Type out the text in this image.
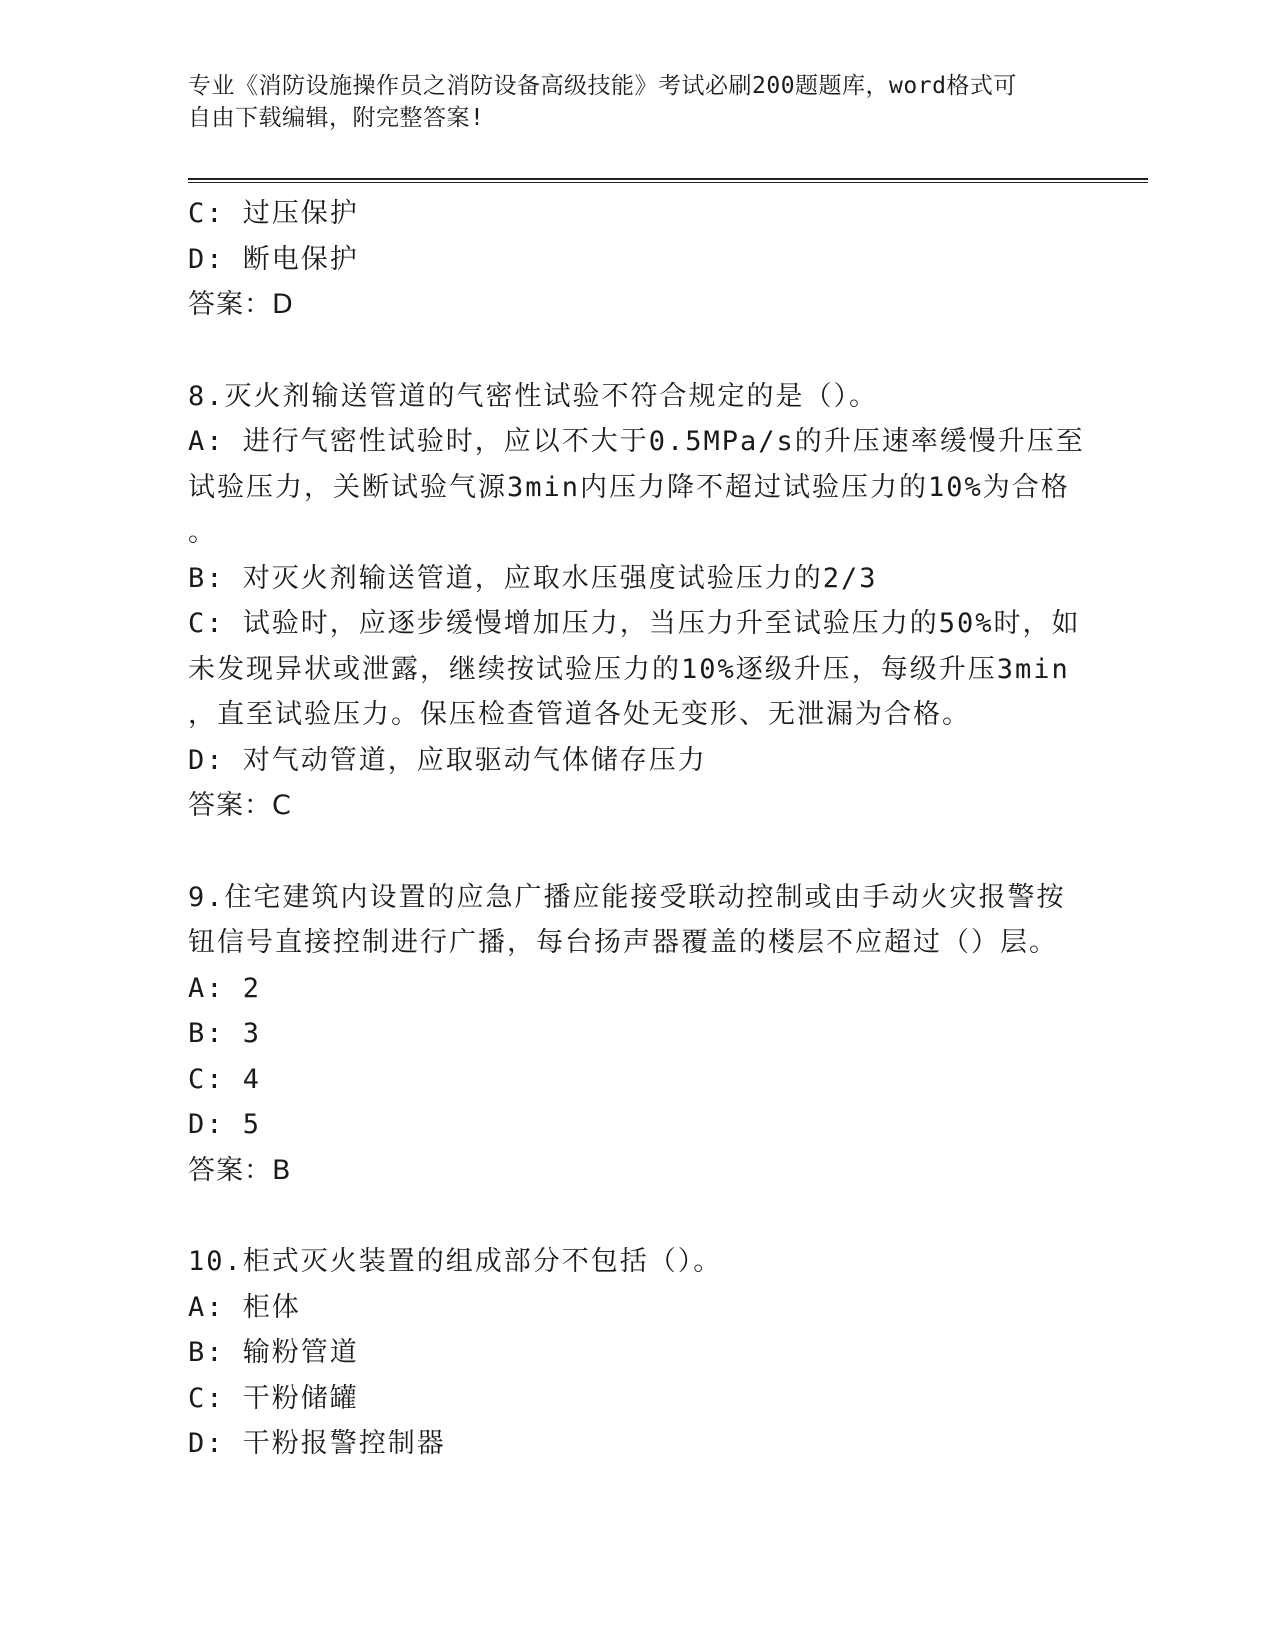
专业《消防设施操作员之消防设备高级技能》考试必刷200题题库，word格式可
自由下载编辑，附完整答案!
C: 过压保护
D: 断电保护
答案：D
8.灭火剂输送管道的气密性试验不符合规定的是（）。
A: 进行气密性试验时，应以不大于0.5MPa/s的升压速率缓慢升压至
试验压力，关断试验气源3min内压力降不超过试验压力的10%为合格
。
B: 对灭火剂输送管道，应取水压强度试验压力的2/3
C: 试验时，应逐步缓慢增加压力，当压力升至试验压力的50%时，如
未发现异状或泄露，继续按试验压力的10%逐级升压，每级升压3min
，直至试验压力。保压检查管道各处无变形、无泄漏为合格。
D: 对气动管道，应取驱动气体储存压力
答案：C
9.住宅建筑内设置的应急广播应能接受联动控制或由手动火灾报警按
钮信号直接控制进行广播，每台扬声器覆盖的楼层不应超过（）层。
A: 2
B: 3
C: 4
D: 5
答案：B
10.柜式灭火装置的组成部分不包括（）。
A: 柜体
B: 输粉管道
C: 干粉储罐
D: 干粉报警控制器
